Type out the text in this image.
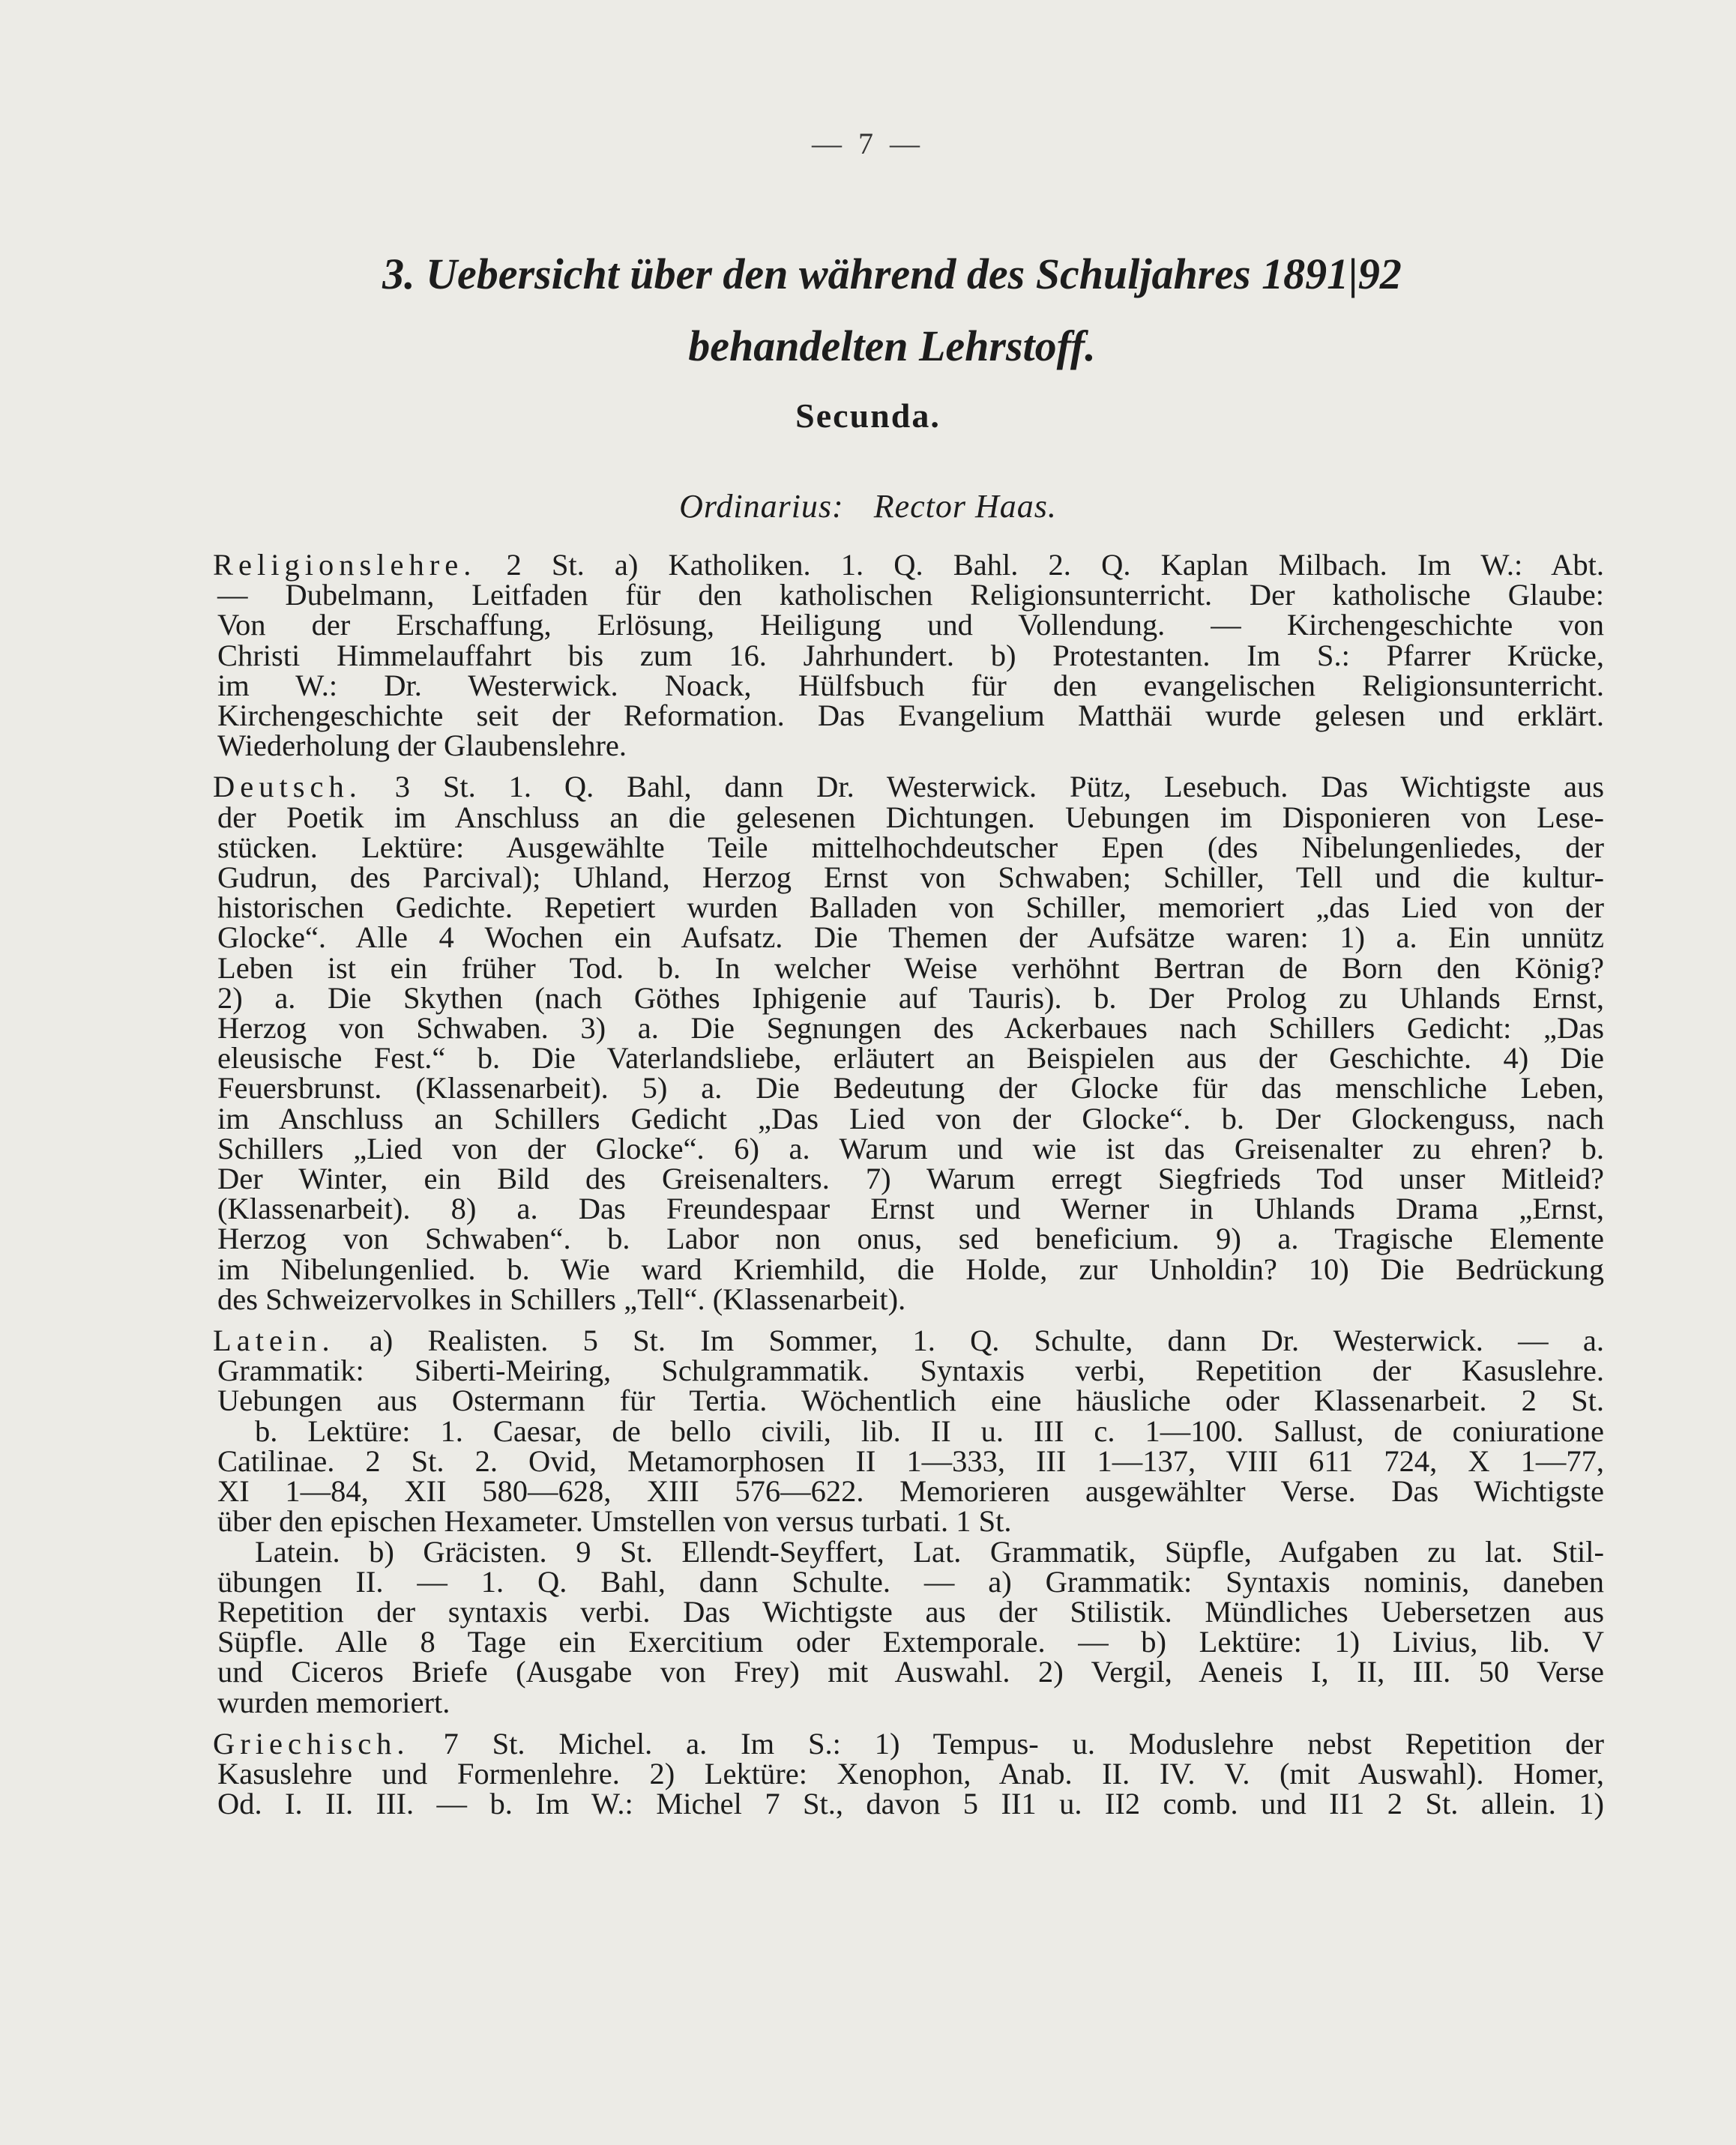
— 7 —
3. Uebersicht über den während des Schuljahres 1891|92
behandelten Lehrstoff.
Secunda.
Ordinarius: Rector Haas.
Religionslehre. 2 St. a) Katholiken. 1. Q. Bahl. 2. Q. Kaplan Milbach. Im W.: Abt.
— Dubelmann, Leitfaden für den katholischen Religionsunterricht. Der katholische Glaube:
Von der Erschaffung, Erlösung, Heiligung und Vollendung. — Kirchengeschichte von
Christi Himmelauffahrt bis zum 16. Jahrhundert. b) Protestanten. Im S.: Pfarrer Krücke,
im W.: Dr. Westerwick. Noack, Hülfsbuch für den evangelischen Religionsunterricht.
Kirchengeschichte seit der Reformation. Das Evangelium Matthäi wurde gelesen und erklärt.
Wiederholung der Glaubenslehre.
Deutsch. 3 St. 1. Q. Bahl, dann Dr. Westerwick. Pütz, Lesebuch. Das Wichtigste aus
der Poetik im Anschluss an die gelesenen Dichtungen. Uebungen im Disponieren von Lese-
stücken. Lektüre: Ausgewählte Teile mittelhochdeutscher Epen (des Nibelungenliedes, der
Gudrun, des Parcival); Uhland, Herzog Ernst von Schwaben; Schiller, Tell und die kultur-
historischen Gedichte. Repetiert wurden Balladen von Schiller, memoriert „das Lied von der
Glocke“. Alle 4 Wochen ein Aufsatz. Die Themen der Aufsätze waren: 1) a. Ein unnütz
Leben ist ein früher Tod. b. In welcher Weise verhöhnt Bertran de Born den König?
2) a. Die Skythen (nach Göthes Iphigenie auf Tauris). b. Der Prolog zu Uhlands Ernst,
Herzog von Schwaben. 3) a. Die Segnungen des Ackerbaues nach Schillers Gedicht: „Das
eleusische Fest.“ b. Die Vaterlandsliebe, erläutert an Beispielen aus der Geschichte. 4) Die
Feuersbrunst. (Klassenarbeit). 5) a. Die Bedeutung der Glocke für das menschliche Leben,
im Anschluss an Schillers Gedicht „Das Lied von der Glocke“. b. Der Glockenguss, nach
Schillers „Lied von der Glocke“. 6) a. Warum und wie ist das Greisenalter zu ehren? b.
Der Winter, ein Bild des Greisenalters. 7) Warum erregt Siegfrieds Tod unser Mitleid?
(Klassenarbeit). 8) a. Das Freundespaar Ernst und Werner in Uhlands Drama „Ernst,
Herzog von Schwaben“. b. Labor non onus, sed beneficium. 9) a. Tragische Elemente
im Nibelungenlied. b. Wie ward Kriemhild, die Holde, zur Unholdin? 10) Die Bedrückung
des Schweizervolkes in Schillers „Tell“. (Klassenarbeit).
Latein. a) Realisten. 5 St. Im Sommer, 1. Q. Schulte, dann Dr. Westerwick. — a.
Grammatik: Siberti-Meiring, Schulgrammatik. Syntaxis verbi, Repetition der Kasuslehre.
Uebungen aus Ostermann für Tertia. Wöchentlich eine häusliche oder Klassenarbeit. 2 St.
b. Lektüre: 1. Caesar, de bello civili, lib. II u. III c. 1—100. Sallust, de coniuratione
Catilinae. 2 St. 2. Ovid, Metamorphosen II 1—333, III 1—137, VIII 611 724, X 1—77,
XI 1—84, XII 580—628, XIII 576—622. Memorieren ausgewählter Verse. Das Wichtigste
über den epischen Hexameter. Umstellen von versus turbati. 1 St.
Latein. b) Gräcisten. 9 St. Ellendt-Seyffert, Lat. Grammatik, Süpfle, Aufgaben zu lat. Stil-
übungen II. — 1. Q. Bahl, dann Schulte. — a) Grammatik: Syntaxis nominis, daneben
Repetition der syntaxis verbi. Das Wichtigste aus der Stilistik. Mündliches Uebersetzen aus
Süpfle. Alle 8 Tage ein Exercitium oder Extemporale. — b) Lektüre: 1) Livius, lib. V
und Ciceros Briefe (Ausgabe von Frey) mit Auswahl. 2) Vergil, Aeneis I, II, III. 50 Verse
wurden memoriert.
Griechisch. 7 St. Michel. a. Im S.: 1) Tempus- u. Moduslehre nebst Repetition der
Kasuslehre und Formenlehre. 2) Lektüre: Xenophon, Anab. II. IV. V. (mit Auswahl). Homer,
Od. I. II. III. — b. Im W.: Michel 7 St., davon 5 II1 u. II2 comb. und II1 2 St. allein. 1)
